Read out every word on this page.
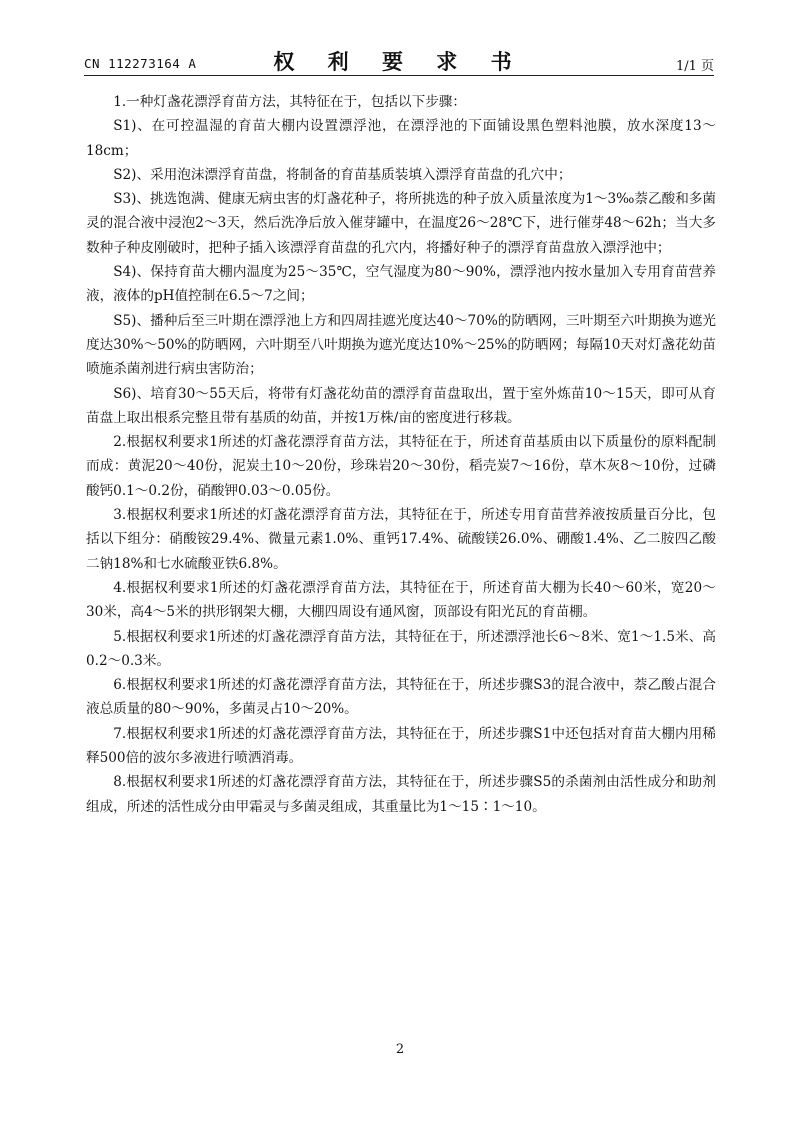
CN 112273164 A	权 利 要 求 书	1/1 页

1.一种灯盏花漂浮育苗方法，其特征在于，包括以下步骤：

S1)、在可控温湿的育苗大棚内设置漂浮池，在漂浮池的下面铺设黑色塑料池膜，放水深度13～18cm；

S2)、采用泡沫漂浮育苗盘，将制备的育苗基质装填入漂浮育苗盘的孔穴中；

S3)、挑选饱满、健康无病虫害的灯盏花种子，将所挑选的种子放入质量浓度为1～3‰萘乙酸和多菌灵的混合液中浸泡2～3天，然后洗净后放入催芽罐中，在温度26～28℃下，进行催芽48～62h；当大多数种子种皮刚破时，把种子插入该漂浮育苗盘的孔穴内，将播好种子的漂浮育苗盘放入漂浮池中；

S4)、保持育苗大棚内温度为25～35℃，空气湿度为80～90%，漂浮池内按水量加入专用育苗营养液，液体的pH值控制在6.5～7之间；

S5)、播种后至三叶期在漂浮池上方和四周挂遮光度达40～70%的防晒网，三叶期至六叶期换为遮光度达30%～50%的防晒网，六叶期至八叶期换为遮光度达10%～25%的防晒网；每隔10天对灯盏花幼苗喷施杀菌剂进行病虫害防治；

S6)、培育30～55天后，将带有灯盏花幼苗的漂浮育苗盘取出，置于室外炼苗10～15天，即可从育苗盘上取出根系完整且带有基质的幼苗，并按1万株/亩的密度进行移栽。

2.根据权利要求1所述的灯盏花漂浮育苗方法，其特征在于，所述育苗基质由以下质量份的原料配制而成：黄泥20～40份，泥炭土10～20份，珍珠岩20～30份，稻壳炭7～16份，草木灰8～10份，过磷酸钙0.1～0.2份，硝酸钾0.03～0.05份。

3.根据权利要求1所述的灯盏花漂浮育苗方法，其特征在于，所述专用育苗营养液按质量百分比，包括以下组分：硝酸铵29.4%、微量元素1.0%、重钙17.4%、硫酸镁26.0%、硼酸1.4%、乙二胺四乙酸二钠18%和七水硫酸亚铁6.8%。

4.根据权利要求1所述的灯盏花漂浮育苗方法，其特征在于，所述育苗大棚为长40～60米，宽20～30米，高4～5米的拱形钢架大棚，大棚四周设有通风窗，顶部设有阳光瓦的育苗棚。

5.根据权利要求1所述的灯盏花漂浮育苗方法，其特征在于，所述漂浮池长6～8米、宽1～1.5米、高0.2～0.3米。

6.根据权利要求1所述的灯盏花漂浮育苗方法，其特征在于，所述步骤S3的混合液中，萘乙酸占混合液总质量的80～90%，多菌灵占10～20%。

7.根据权利要求1所述的灯盏花漂浮育苗方法，其特征在于，所述步骤S1中还包括对育苗大棚内用稀释500倍的波尔多液进行喷洒消毒。

8.根据权利要求1所述的灯盏花漂浮育苗方法，其特征在于，所述步骤S5的杀菌剂由活性成分和助剂组成，所述的活性成分由甲霜灵与多菌灵组成，其重量比为1～15∶1～10。

2
